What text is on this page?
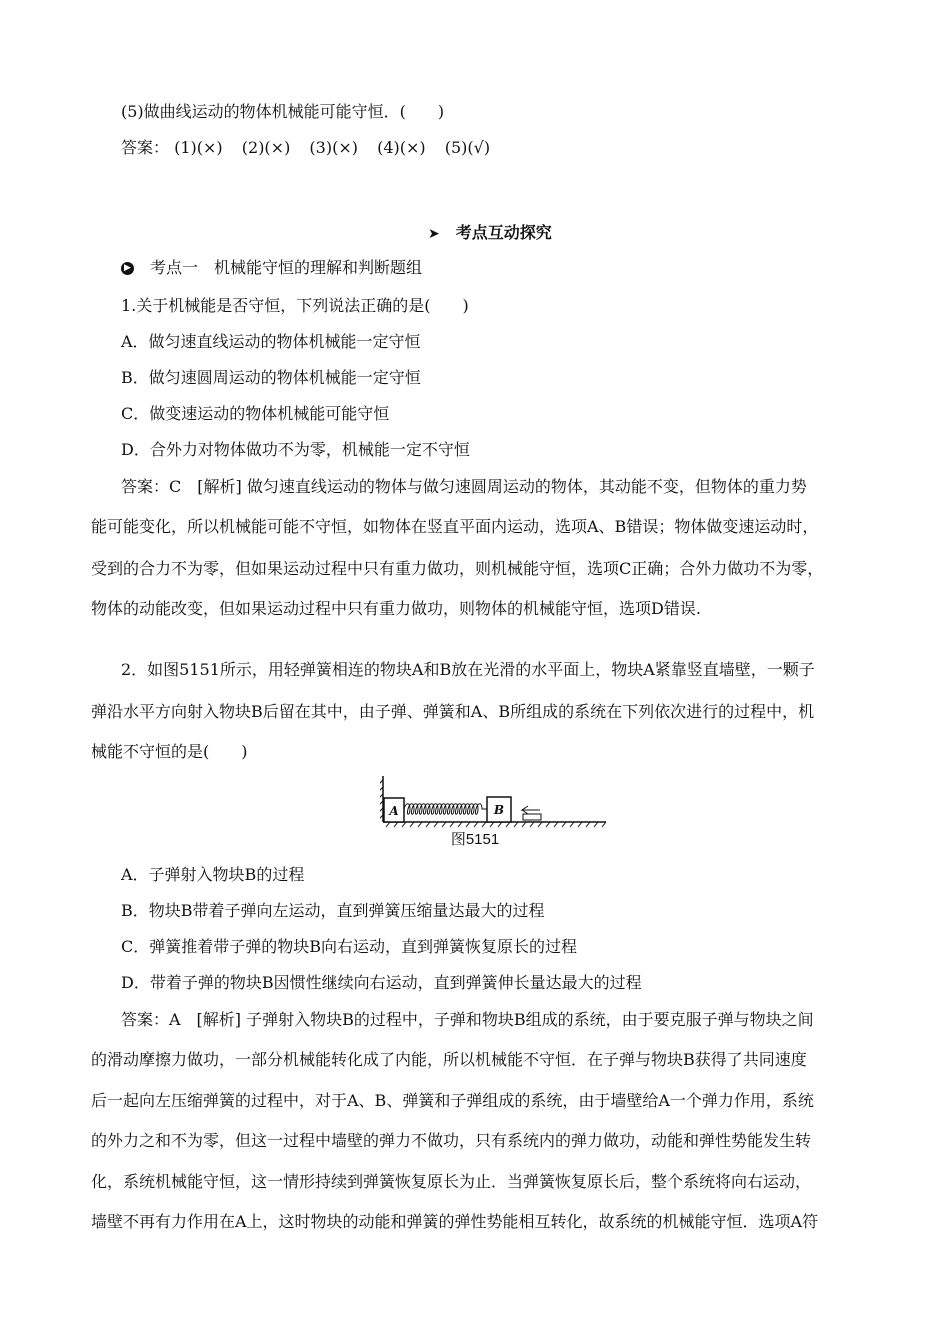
(5)做曲线运动的物体机械能可能守恒．(　　)
答案： (1)(×) (2)(×) (3)(×) (4)(×) (5)(√)
➤ 考点互动探究
▶ 考点一　机械能守恒的理解和判断题组
1.关于机械能是否守恒，下列说法正确的是(　　)
A．做匀速直线运动的物体机械能一定守恒
B．做匀速圆周运动的物体机械能一定守恒
C．做变速运动的物体机械能可能守恒
D．合外力对物体做功不为零，机械能一定不守恒
答案：C　[解析] 做匀速直线运动的物体与做匀速圆周运动的物体，其动能不变，但物体的重力势
能可能变化，所以机械能可能不守恒，如物体在竖直平面内运动，选项A、B错误；物体做变速运动时，
受到的合力不为零，但如果运动过程中只有重力做功，则机械能守恒，选项C正确；合外力做功不为零，
物体的动能改变，但如果运动过程中只有重力做功，则物体的机械能守恒，选项D错误.
2．如图5151所示，用轻弹簧相连的物块A和B放在光滑的水平面上，物块A紧靠竖直墙壁，一颗子
弹沿水平方向射入物块B后留在其中，由子弹、弹簧和A、B所组成的系统在下列依次进行的过程中，机
械能不守恒的是(　　)
A	B
图5151
A．子弹射入物块B的过程
B．物块B带着子弹向左运动，直到弹簧压缩量达最大的过程
C．弹簧推着带子弹的物块B向右运动，直到弹簧恢复原长的过程
D．带着子弹的物块B因惯性继续向右运动，直到弹簧伸长量达最大的过程
答案：A　[解析] 子弹射入物块B的过程中，子弹和物块B组成的系统，由于要克服子弹与物块之间
的滑动摩擦力做功，一部分机械能转化成了内能，所以机械能不守恒．在子弹与物块B获得了共同速度
后一起向左压缩弹簧的过程中，对于A、B、弹簧和子弹组成的系统，由于墙壁给A一个弹力作用，系统
的外力之和不为零，但这一过程中墙壁的弹力不做功，只有系统内的弹力做功，动能和弹性势能发生转
化，系统机械能守恒，这一情形持续到弹簧恢复原长为止．当弹簧恢复原长后，整个系统将向右运动，
墙壁不再有力作用在A上，这时物块的动能和弹簧的弹性势能相互转化，故系统的机械能守恒．选项A符
